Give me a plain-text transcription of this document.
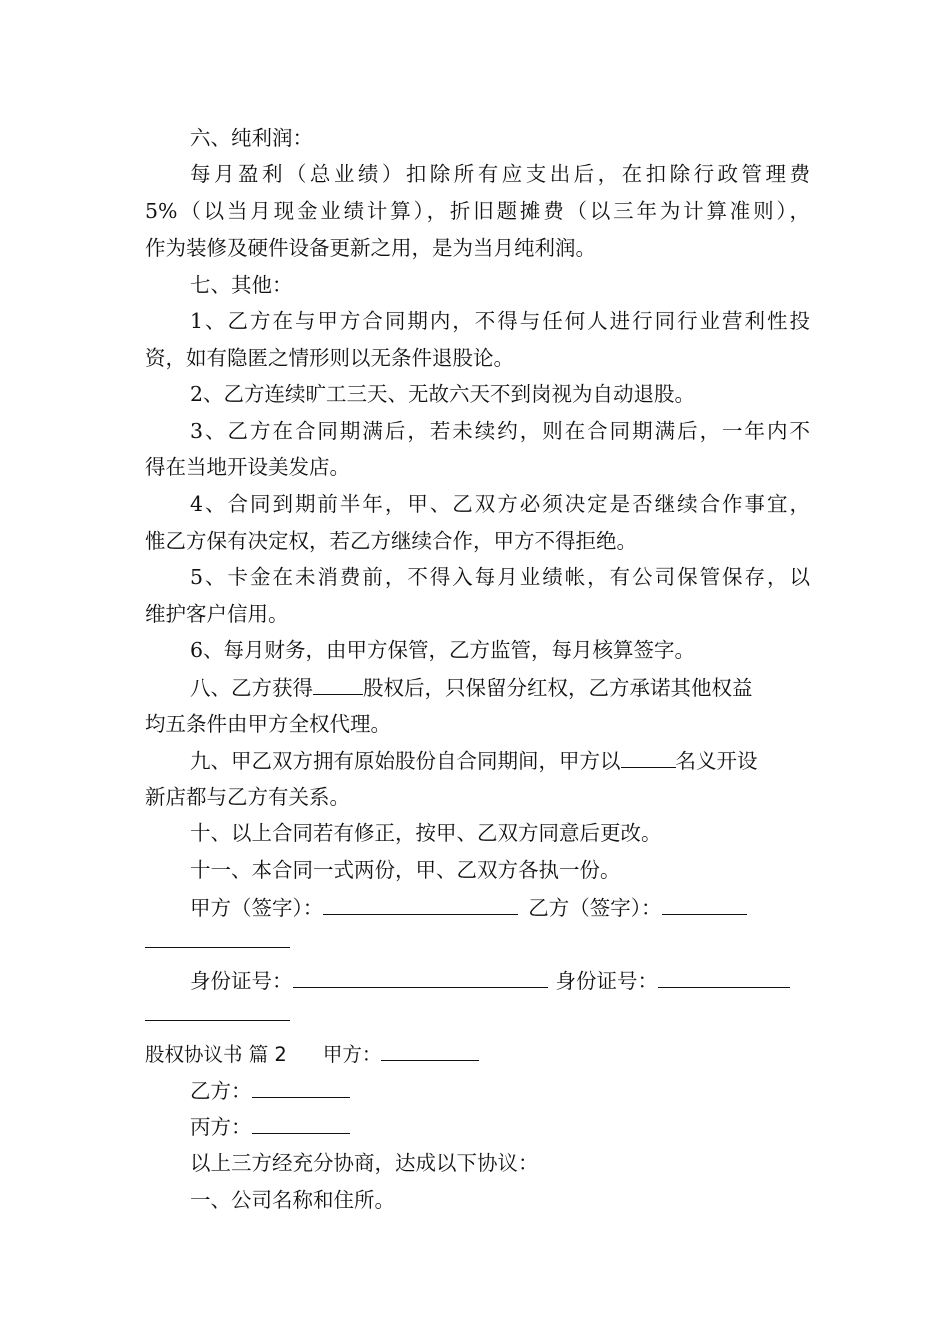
六、纯利润：
每月盈利（总业绩）扣除所有应支出后，在扣除行政管理费
5%（以当月现金业绩计算），折旧题摊费（以三年为计算准则），
作为装修及硬件设备更新之用，是为当月纯利润。
七、其他：
1、乙方在与甲方合同期内，不得与任何人进行同行业营利性投
资，如有隐匿之情形则以无条件退股论。
2、乙方连续旷工三天、无故六天不到岗视为自动退股。
3、乙方在合同期满后，若未续约，则在合同期满后，一年内不
得在当地开设美发店。
4、合同到期前半年，甲、乙双方必须决定是否继续合作事宜，
惟乙方保有决定权，若乙方继续合作，甲方不得拒绝。
5、卡金在未消费前，不得入每月业绩帐，有公司保管保存，以
维护客户信用。
6、每月财务，由甲方保管，乙方监管，每月核算签字。
八、乙方获得 股权后，只保留分红权，乙方承诺其他权益
均五条件由甲方全权代理。
九、甲乙双方拥有原始股份自合同期间，甲方以	名义开设
新店都与乙方有关系。
十、以上合同若有修正，按甲、乙双方同意后更改。
十一、本合同一式两份，甲、乙双方各执一份。
甲方（签字）：	乙方（签字）：
身份证号：	身份证号：
股权协议书 篇 2 甲方：
乙方：
丙方：
以上三方经充分协商，达成以下协议：
一、公司名称和住所。
